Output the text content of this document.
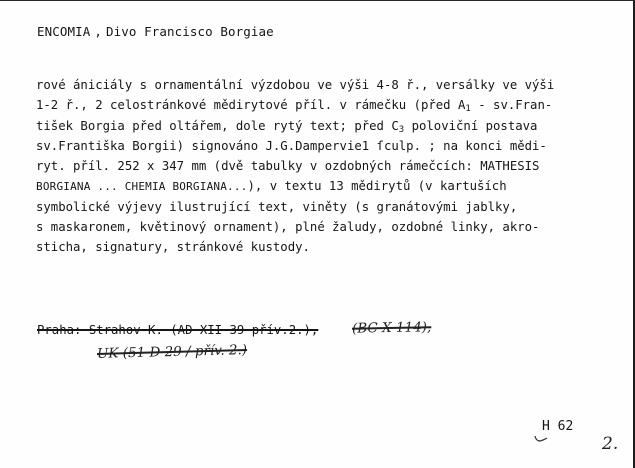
ENCOMIA , Divo Francisco Borgiae
rové ániciály s ornamentální výzdobou ve výši 4-8 ř., versálky ve výši
1-2 ř., 2 celostránkové mědirytové příl. v rámečku (před $A_1$ - sv.Fran-
tišek Borgia před oltářem, dole rytý text; před $C_3$ poloviční postava
sv.Františka Borgii) signováno J.G.Dampervie1 ſculp. ; na konci mědi-
ryt. příl. 252 x 347 mm (dvě tabulky v ozdobných rámečcích: MATHESIS
BORGIANA ... CHEMIA BORGIANA...), v textu 13 mědirytů (v kartuších
symbolické výjevy ilustrující text, viněty (s granátovými jablky,
s maskaronem, květinový ornament), plné žaludy, ozdobné linky, akro-
sticha, signatury, stránkové kustody.
Praha: Strahov K. (AD XII 39 přív.2.), (BC X 114),
UK (51 D 29 / přív. 2.)
H 62
2.
